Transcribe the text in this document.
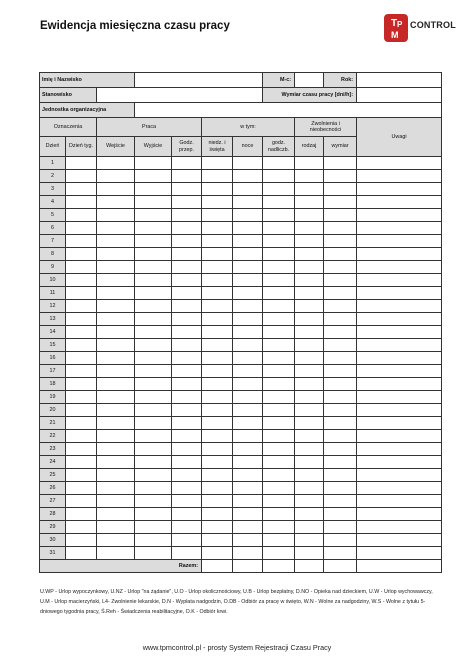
Ewidencja miesięczna czasu pracy	T P
M
CONTROL
Imię i Nazwisko							M-c:		Rok:	
Stanowisko							Wymiar czasu pracy [dni/h]:			
Jednostka organizacyjna										
Oznaczenia		Praca			w tym:			Zwolnienia i nieobecności		Uwagi
Dzień	Dzień tyg.	Wejście	Wyjście	Godz. przep.	niedz. i święta	noce	godz. nadliczb.	rodzaj	wymiar	
1										
2										
3										
4										
5										
6										
7										
8										
9										
10										
11										
12										
13										
14										
15										
16										
17										
18										
19										
20										
21										
22										
23										
24										
25										
26										
27										
28										
29										
30										
31										
Razem:										
U.WP - Urlop wypoczynkowy, U.NZ - Urlop "na żądanie", U.O - Urlop okolicznościowy, U.B - Urlop bezpłatny, D.NO - Opieka nad dzieckiem, U.W - Urlop wychowawczy, U.M - Urlop macierzyński, L4- Zwolnienie lekarskie, D.N - Wypłata nadgodzin, O.DB - Odbiór za pracę w święto, W.N - Wolne za nadgodziny, W.S - Wolne z tytułu 5-dniowego tygodnia pracy, Ś.Reh - Świadczenia reabilitacyjne, O.K - Odbiór krwi.
www.tpmcontrol.pl - prosty System Rejestracji Czasu Pracy
